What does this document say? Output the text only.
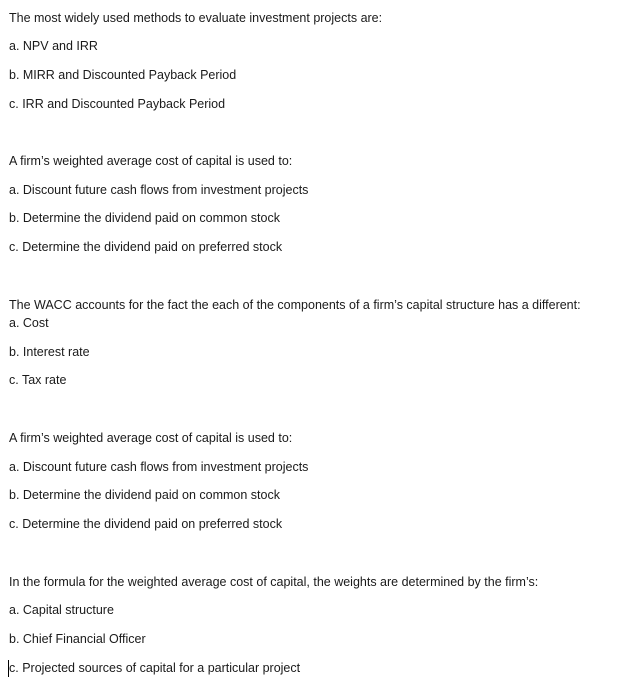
The most widely used methods to evaluate investment projects are:
a. NPV and IRR
b. MIRR and Discounted Payback Period
c. IRR and Discounted Payback Period
A firm’s weighted average cost of capital is used to:
a. Discount future cash flows from investment projects
b. Determine the dividend paid on common stock
c. Determine the dividend paid on preferred stock
The WACC accounts for the fact the each of the components of a firm’s capital structure has a different:
a. Cost
b. Interest rate
c. Tax rate
A firm’s weighted average cost of capital is used to:
a. Discount future cash flows from investment projects
b. Determine the dividend paid on common stock
c. Determine the dividend paid on preferred stock
In the formula for the weighted average cost of capital, the weights are determined by the firm’s:
a. Capital structure
b. Chief Financial Officer
c. Projected sources of capital for a particular project
